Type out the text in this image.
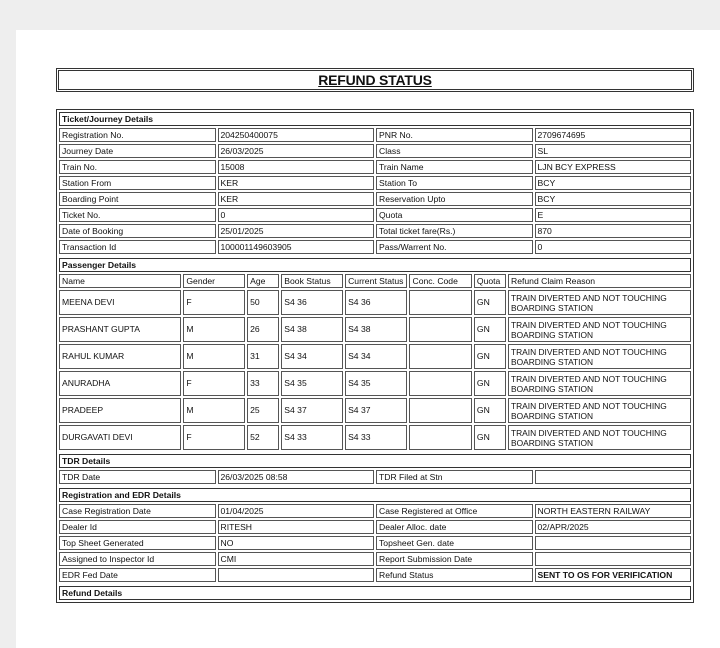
REFUND STATUS
Ticket/Journey Details			
Registration No.	204250400075	PNR No.	2709674695
Journey Date	26/03/2025	Class	SL
Train No.	15008	Train Name	LJN BCY EXPRESS
Station From	KER	Station To	BCY
Boarding Point	KER	Reservation Upto	BCY
Ticket No.	0	Quota	E
Date of Booking	25/01/2025	Total ticket fare(Rs.)	870
Transaction Id	100001149603905	Pass/Warrent No.	0
Passenger Details							
Name	Gender	Age	Book Status	Current Status	Conc. Code	Quota	Refund Claim Reason
MEENA DEVI	F	50	S4 36	S4 36		GN	TRAIN DIVERTED AND NOT TOUCHING BOARDING STATION
PRASHANT GUPTA	M	26	S4 38	S4 38		GN	TRAIN DIVERTED AND NOT TOUCHING BOARDING STATION
RAHUL KUMAR	M	31	S4 34	S4 34		GN	TRAIN DIVERTED AND NOT TOUCHING BOARDING STATION
ANURADHA	F	33	S4 35	S4 35		GN	TRAIN DIVERTED AND NOT TOUCHING BOARDING STATION
PRADEEP	M	25	S4 37	S4 37		GN	TRAIN DIVERTED AND NOT TOUCHING BOARDING STATION
DURGAVATI DEVI	F	52	S4 33	S4 33		GN	TRAIN DIVERTED AND NOT TOUCHING BOARDING STATION
TDR Details
TDR Date	26/03/2025 08:58	TDR Filed at Stn	
Registration and EDR Details			
Case Registration Date	01/04/2025	Case Registered at Office	NORTH EASTERN RAILWAY
Dealer Id	RITESH	Dealer Alloc. date	02/APR/2025
Top Sheet Generated	NO	Topsheet Gen. date	
Assigned to Inspector Id	CMI	Report Submission Date	
EDR Fed Date		Refund Status	SENT TO OS FOR VERIFICATION
Refund Details
